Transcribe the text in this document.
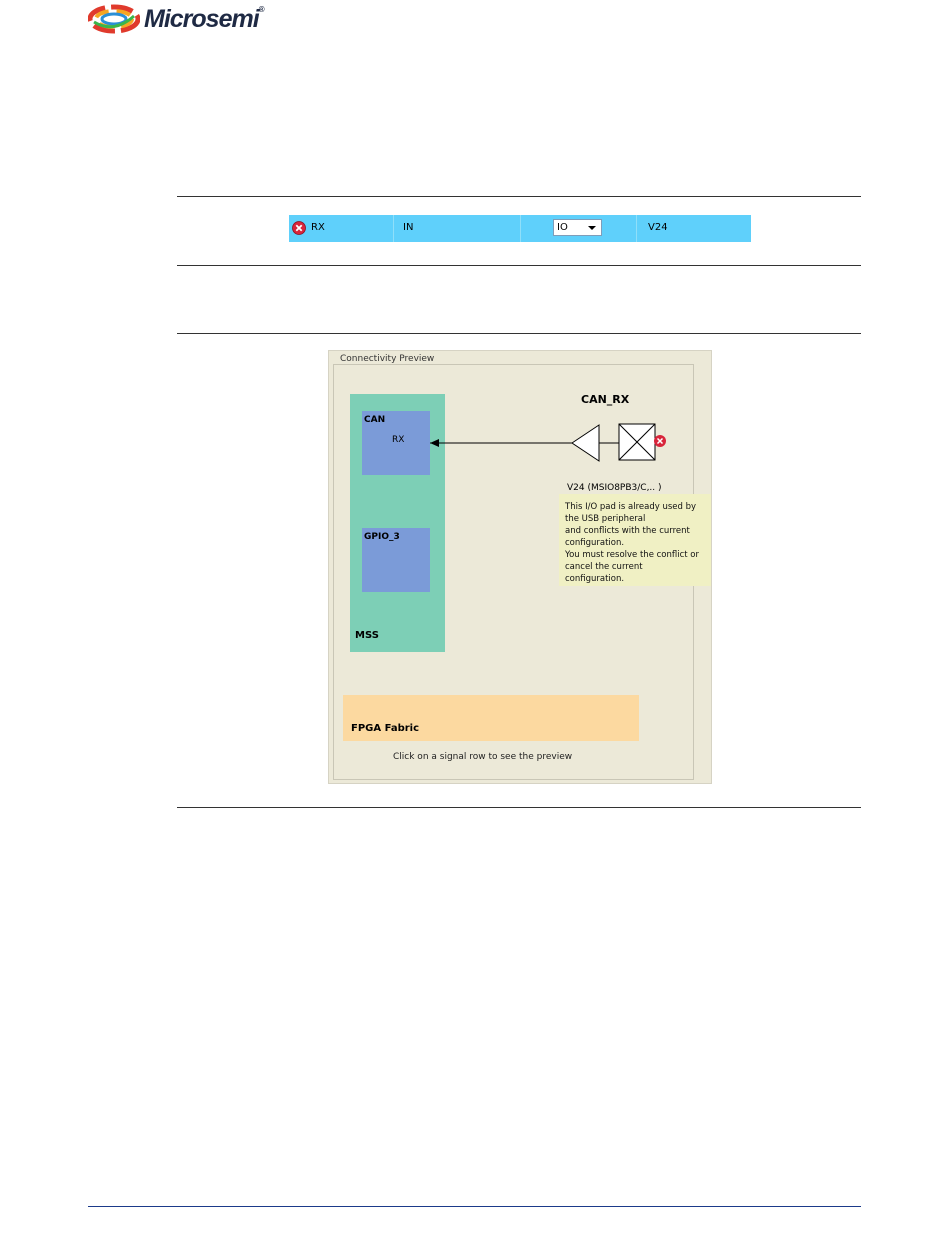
Microsemi®
RX	IN	IO	V24
Connectivity Preview
MSS
CAN
RX
GPIO_3
FPGA Fabric
Click on a signal row to see the preview
CAN_RX
V24 (MSIO8PB3/C,.. )
This I/O pad is already used by
the USB peripheral
and conflicts with the current
configuration.
You must resolve the conflict or
cancel the current
configuration.
